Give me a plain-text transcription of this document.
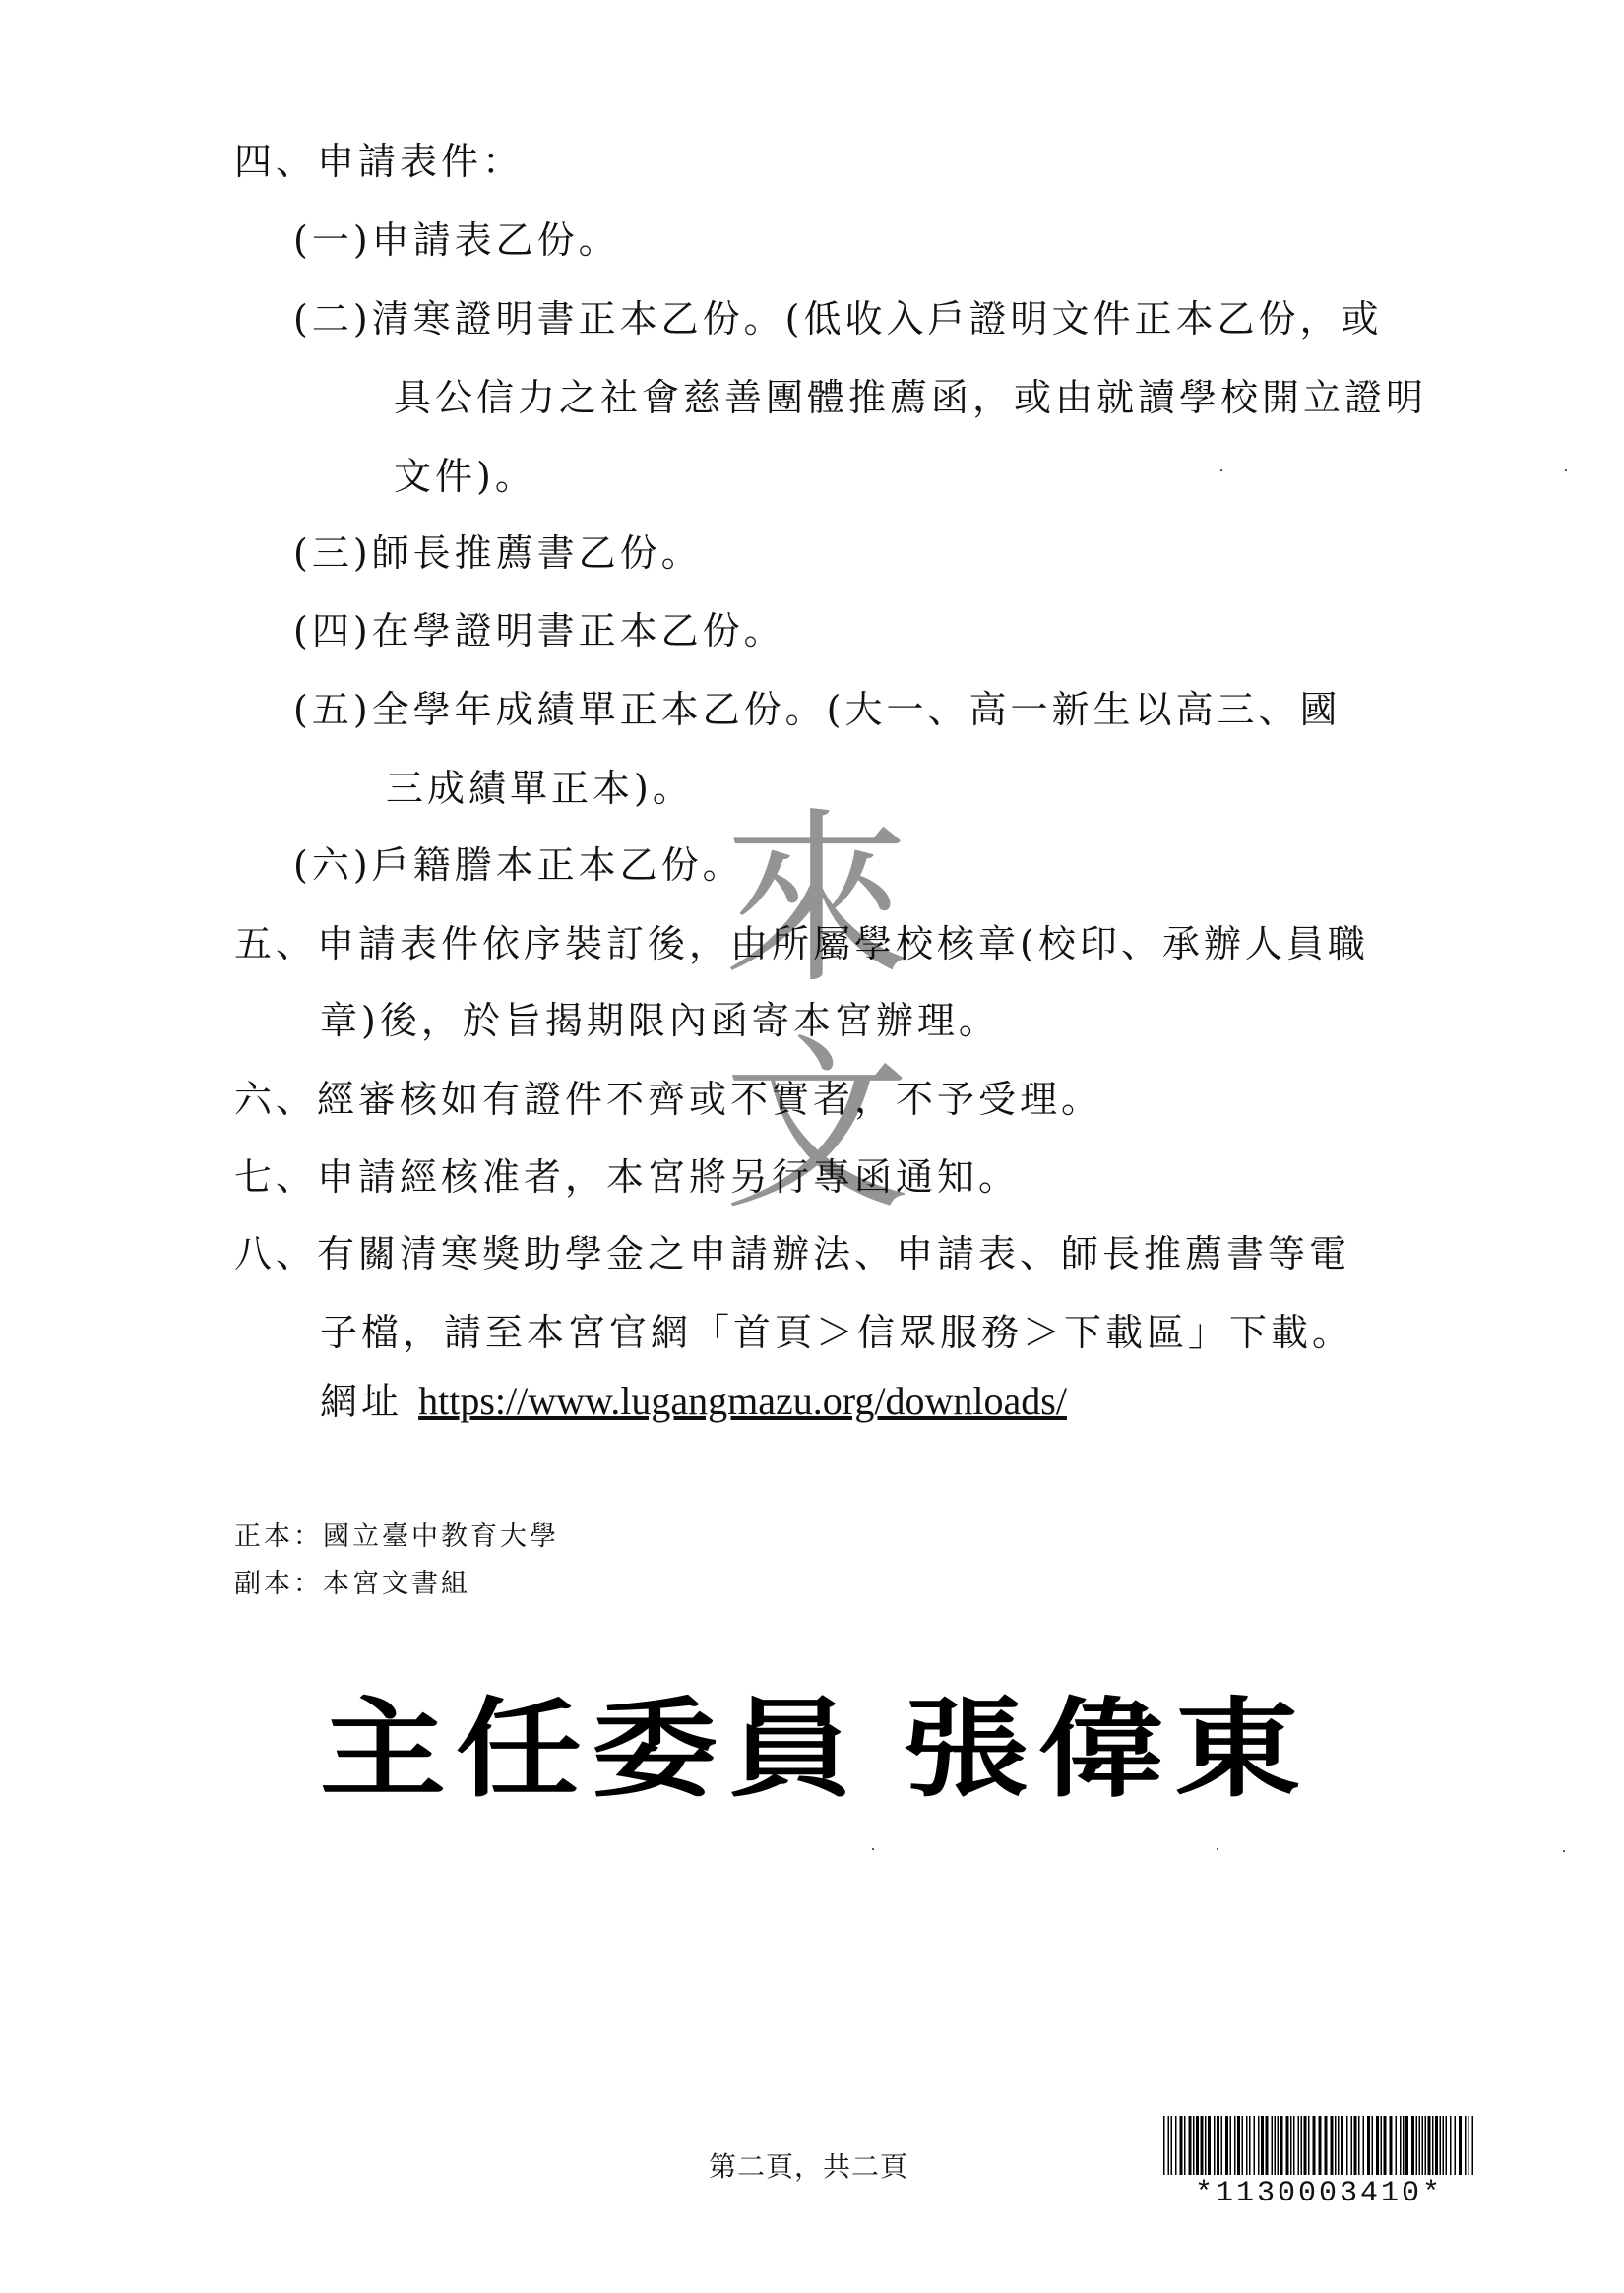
來
文
四、申請表件：
(一)申請表乙份。
(二)清寒證明書正本乙份。(低收入戶證明文件正本乙份，或
具公信力之社會慈善團體推薦函，或由就讀學校開立證明
文件)。
(三)師長推薦書乙份。
(四)在學證明書正本乙份。
(五)全學年成績單正本乙份。(大一、高一新生以高三、國
三成績單正本)。
(六)戶籍謄本正本乙份。
五、申請表件依序裝訂後，由所屬學校核章(校印、承辦人員職
章)後，於旨揭期限內函寄本宮辦理。
六、經審核如有證件不齊或不實者，不予受理。
七、申請經核准者，本宮將另行專函通知。
八、有關清寒獎助學金之申請辦法、申請表、師長推薦書等電
子檔，請至本宮官網「首頁＞信眾服務＞下載區」下載。
網址 https://www.lugangmazu.org/downloads/
正本：國立臺中教育大學
副本：本宮文書組
主任委員 張偉東
第二頁，共二頁
*1130003410*
